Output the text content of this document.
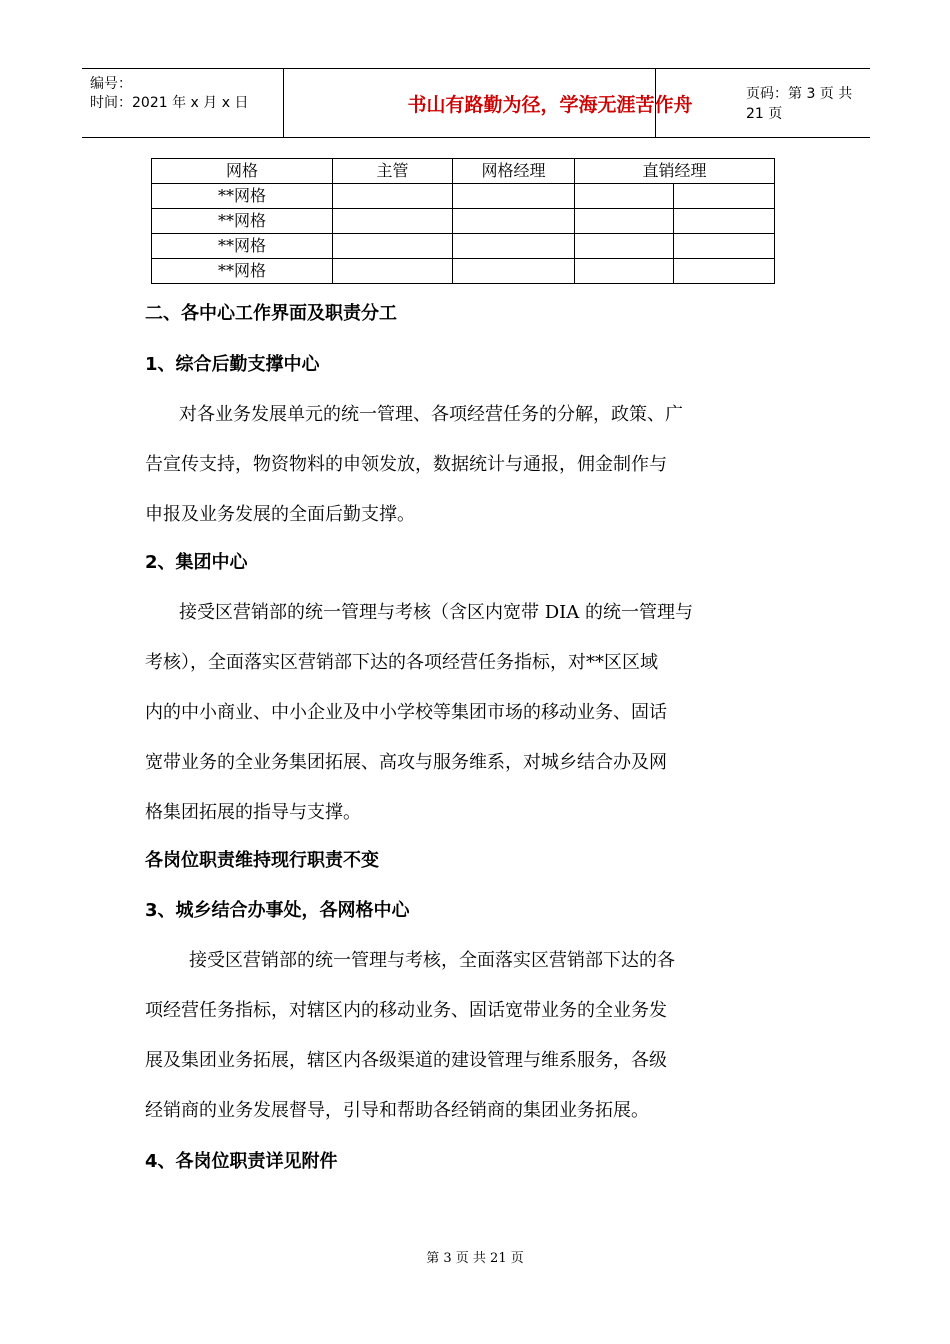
编号：
时间：2021 年 x 月 x 日	书山有路勤为径，学海无涯苦作舟	页码：第 3 页 共 21 页
网格	主管	网格经理	直销经理	
**网格				
**网格				
**网格				
**网格				
二、各中心工作界面及职责分工
1、综合后勤支撑中心
对各业务发展单元的统一管理、各项经营任务的分解，政策、广
告宣传支持，物资物料的申领发放，数据统计与通报，佣金制作与
申报及业务发展的全面后勤支撑。
2、集团中心
接受区营销部的统一管理与考核（含区内宽带 DIA 的统一管理与
考核），全面落实区营销部下达的各项经营任务指标，对**区区域
内的中小商业、中小企业及中小学校等集团市场的移动业务、固话
宽带业务的全业务集团拓展、高攻与服务维系，对城乡结合办及网
格集团拓展的指导与支撑。
各岗位职责维持现行职责不变
3、城乡结合办事处，各网格中心
接受区营销部的统一管理与考核，全面落实区营销部下达的各
项经营任务指标，对辖区内的移动业务、固话宽带业务的全业务发
展及集团业务拓展，辖区内各级渠道的建设管理与维系服务，各级
经销商的业务发展督导，引导和帮助各经销商的集团业务拓展。
4、各岗位职责详见附件
第 3 页 共 21 页
